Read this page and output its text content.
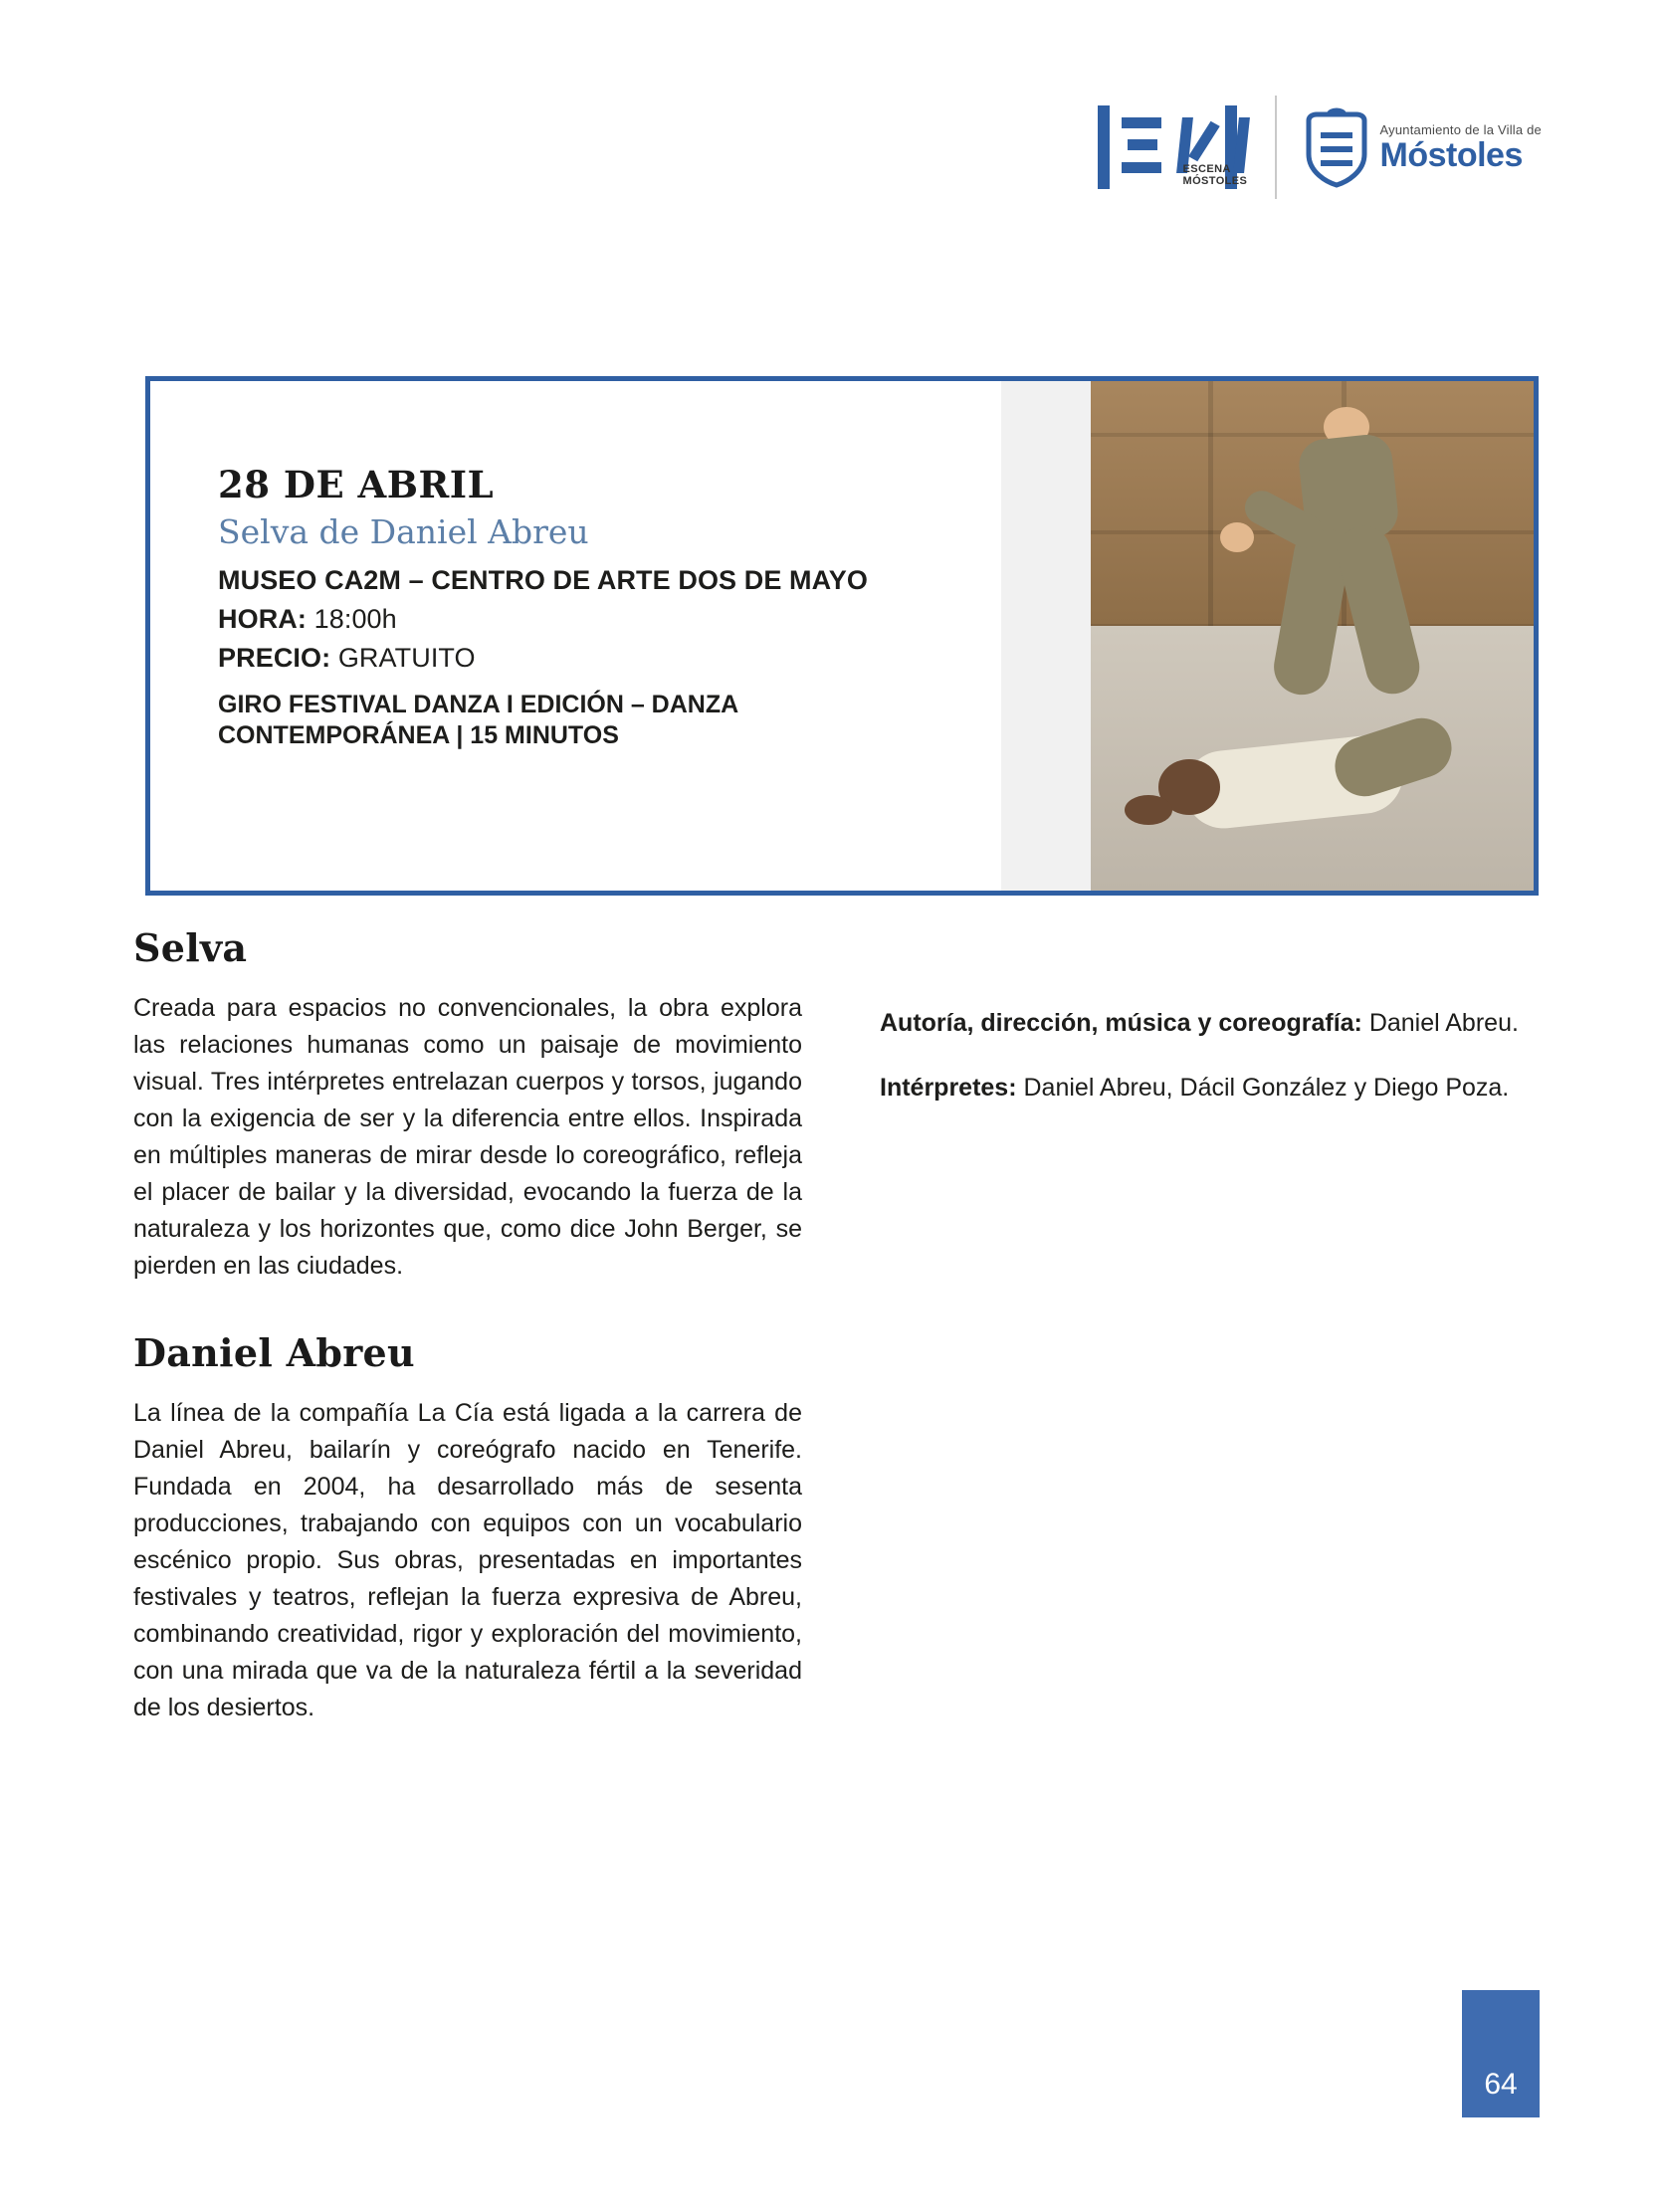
ESCENA
MÓSTOLES
Ayuntamiento de la Villa de
Móstoles
28 DE ABRIL
Selva de Daniel Abreu
MUSEO CA2M – CENTRO DE ARTE DOS DE MAYO
HORA: 18:00h
PRECIO: GRATUITO
GIRO FESTIVAL DANZA I EDICIÓN – DANZA CONTEMPORÁNEA | 15 MINUTOS
Selva

Creada para espacios no convencionales, la obra explora las relaciones humanas como un paisaje de movimiento visual. Tres intérpretes entrelazan cuerpos y torsos, jugando con la exigencia de ser y la diferencia entre ellos. Inspirada en múltiples maneras de mirar desde lo coreográfico, refleja el placer de bailar y la diversidad, evocando la fuerza de la naturaleza y los horizontes que, como dice John Berger, se pierden en las ciudades.

Daniel Abreu

La línea de la compañía La Cía está ligada a la carrera de Daniel Abreu, bailarín y coreógrafo nacido en Tenerife. Fundada en 2004, ha desarrollado más de sesenta producciones, trabajando con equipos con un vocabulario escénico propio. Sus obras, presentadas en importantes festivales y teatros, reflejan la fuerza expresiva de Abreu, combinando creatividad, rigor y exploración del movimiento, con una mirada que va de la naturaleza fértil a la severidad de los desiertos.

Autoría, dirección, música y coreografía: Daniel Abreu.

Intérpretes: Daniel Abreu, Dácil González y Diego Poza.

64
